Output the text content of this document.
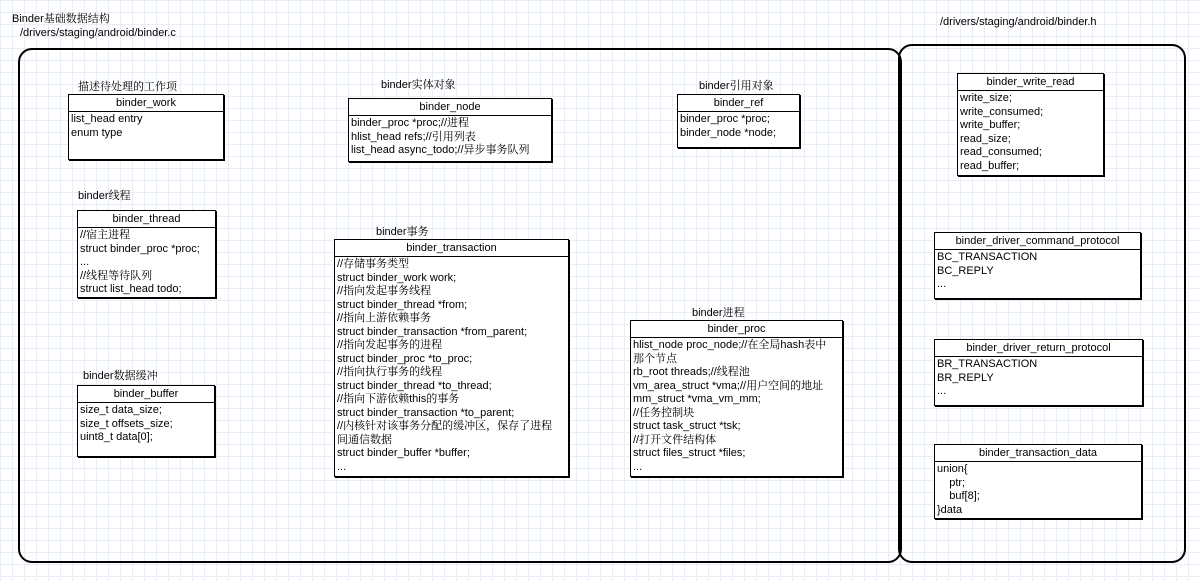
Binder基础数据结构
/drivers/staging/android/binder.c
/drivers/staging/android/binder.h
描述待处理的工作项
binder_work
list_head entry
enum type
binder实体对象
binder_node
binder_proc *proc;//进程
hlist_head refs;//引用列表
list_head async_todo;//异步事务队列
binder引用对象
binder_ref
binder_proc *proc;
binder_node *node;
binder线程
binder_thread
//宿主进程
struct binder_proc *proc;
...
//线程等待队列
struct list_head todo;
binder事务
binder_transaction
//存储事务类型
struct binder_work work;
//指向发起事务线程
struct binder_thread *from;
//指向上游依赖事务
struct binder_transaction *from_parent;
//指向发起事务的进程
struct binder_proc *to_proc;
//指向执行事务的线程
struct binder_thread *to_thread;
//指向下游依赖this的事务
struct binder_transaction *to_parent;
//内核针对该事务分配的缓冲区，保存了进程
间通信数据
struct binder_buffer *buffer;
...
binder进程
binder_proc
hlist_node proc_node;//在全局hash表中
那个节点
rb_root threads;//线程池
vm_area_struct *vma;//用户空间的地址
mm_struct *vma_vm_mm;
//任务控制块
struct task_struct *tsk;
//打开文件结构体
struct files_struct *files;
...
binder数据缓冲
binder_buffer
size_t data_size;
size_t offsets_size;
uint8_t data[0];
binder_write_read
write_size;
write_consumed;
write_buffer;
read_size;
read_consumed;
read_buffer;
binder_driver_command_protocol
BC_TRANSACTION
BC_REPLY
...
binder_driver_return_protocol
BR_TRANSACTION
BR_REPLY
...
binder_transaction_data
union{
ptr;
buf[8];
}data
